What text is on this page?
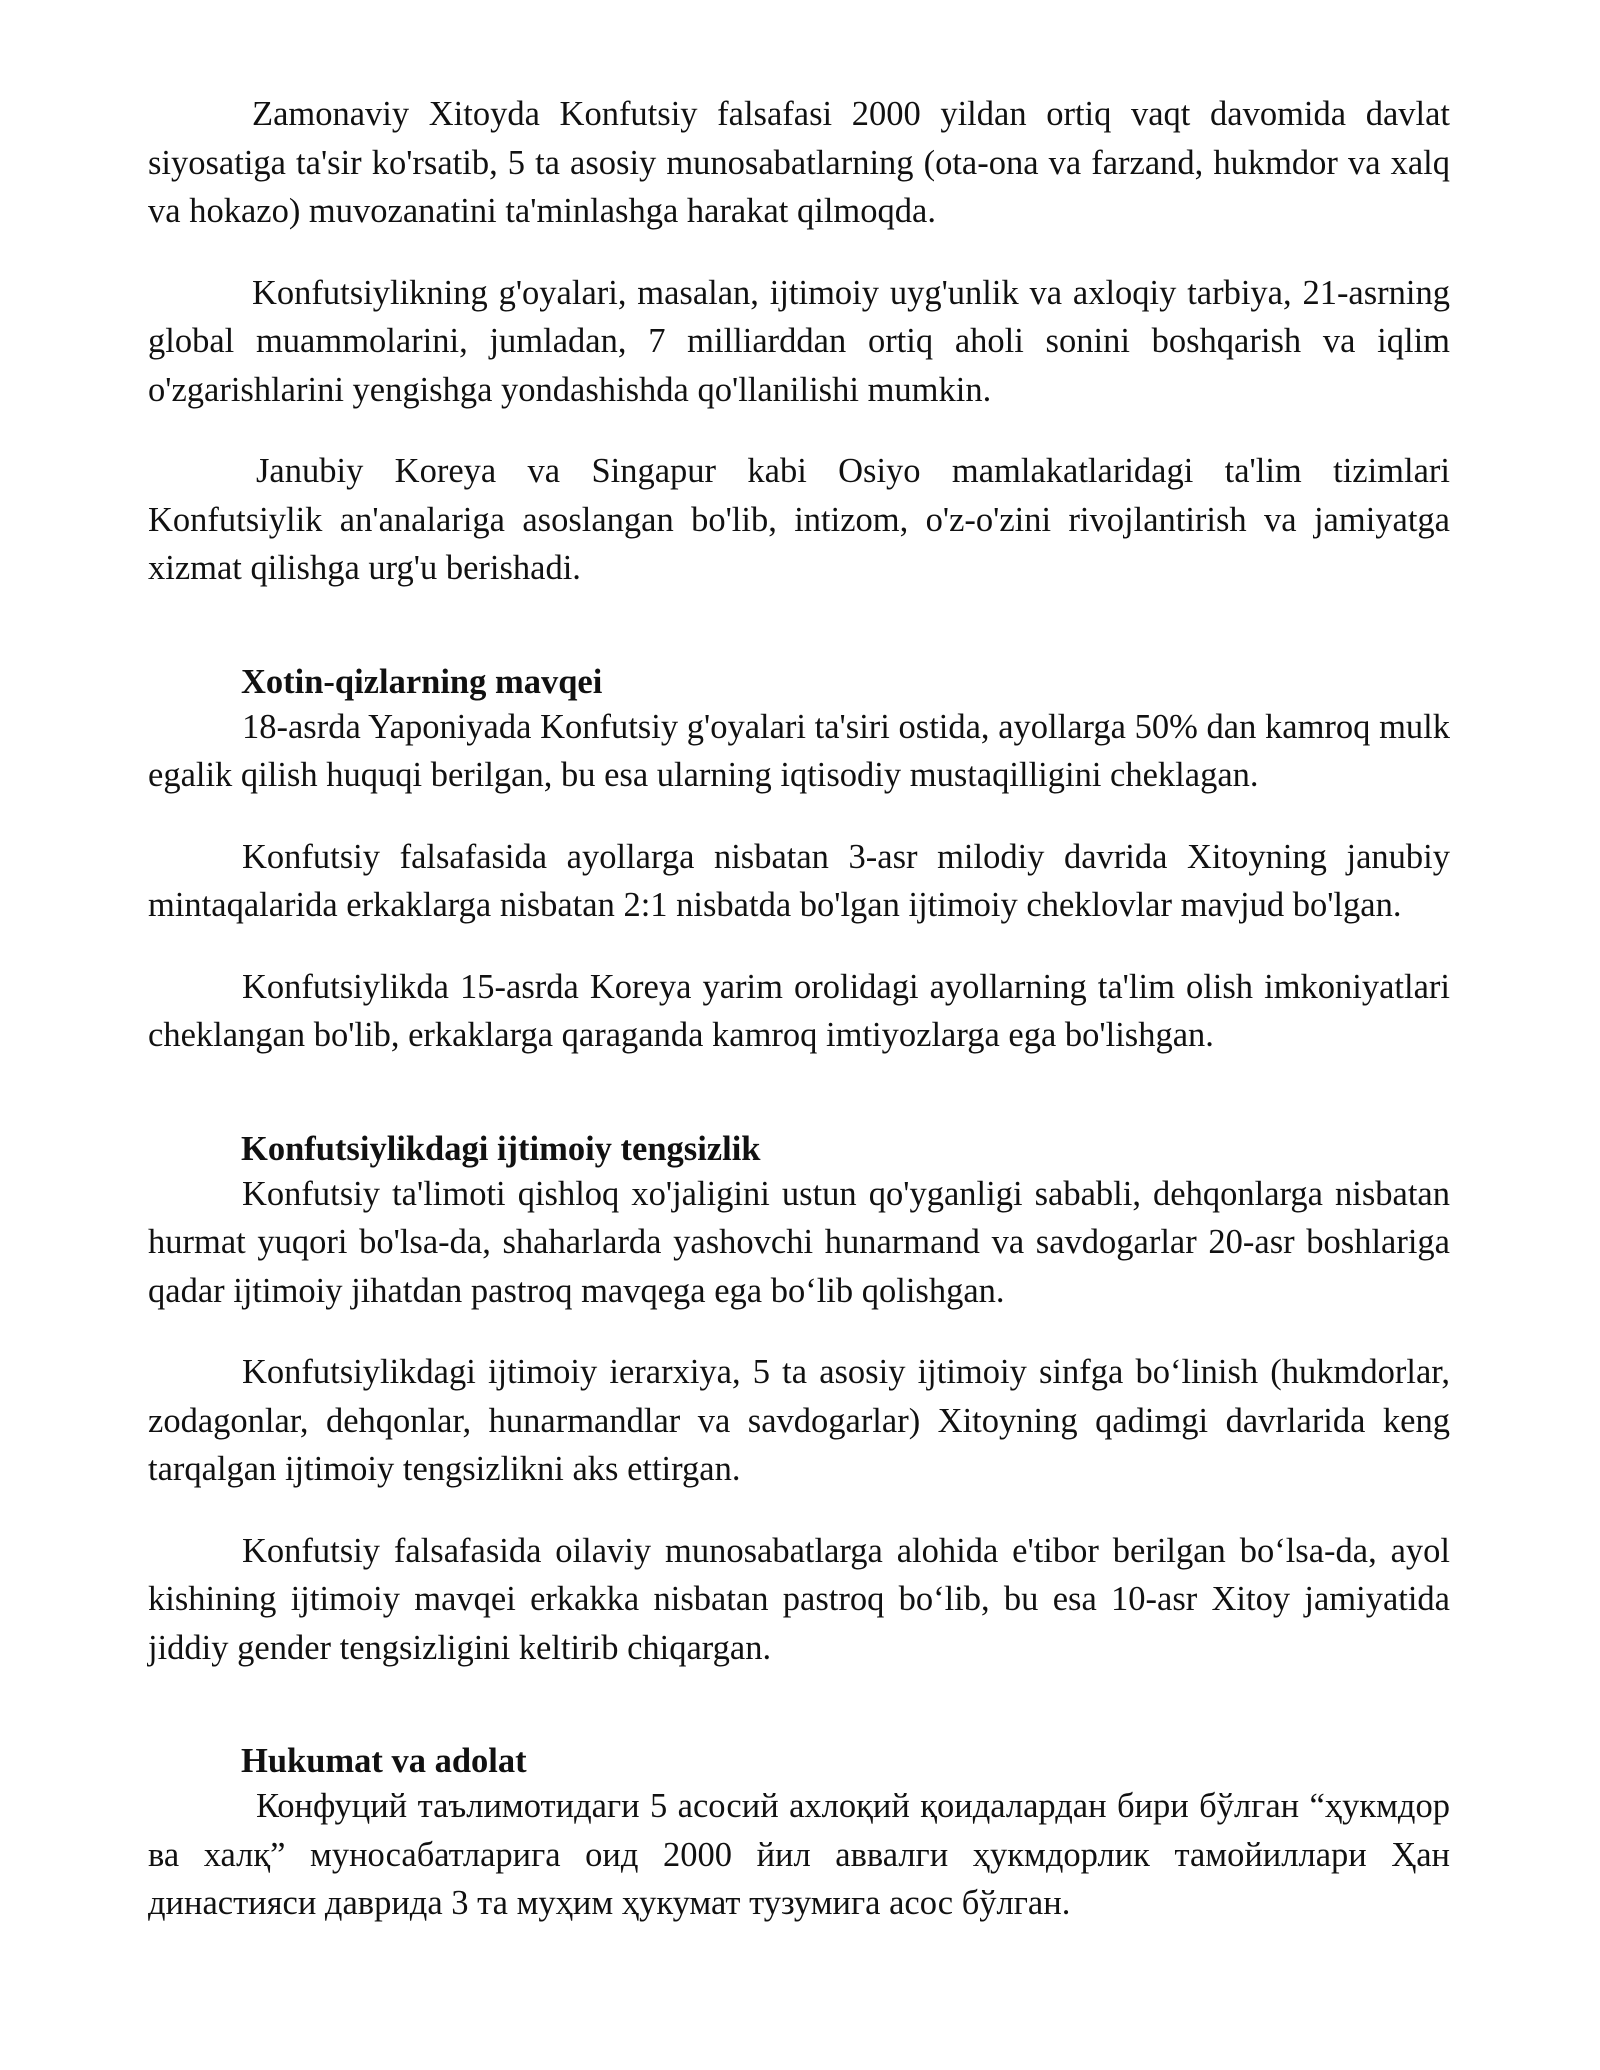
Zamonaviy Xitoyda Konfutsiy falsafasi 2000 yildan ortiq vaqt davomida davlat siyosatiga ta'sir ko'rsatib, 5 ta asosiy munosabatlarning (ota-ona va farzand, hukmdor va xalq va hokazo) muvozanatini ta'minlashga harakat qilmoqda.

Konfutsiylikning g'oyalari, masalan, ijtimoiy uyg'unlik va axloqiy tarbiya, 21-asrning global muammolarini, jumladan, 7 milliarddan ortiq aholi sonini boshqarish va iqlim o'zgarishlarini yengishga yondashishda qo'llanilishi mumkin.

Janubiy Koreya va Singapur kabi Osiyo mamlakatlaridagi ta'lim tizimlari Konfutsiylik an'analariga asoslangan bo'lib, intizom, o'z-o'zini rivojlantirish va jamiyatga xizmat qilishga urg'u berishadi.

Xotin-qizlarning mavqei

18-asrda Yaponiyada Konfutsiy g'oyalari ta'siri ostida, ayollarga 50% dan kamroq mulk egalik qilish huquqi berilgan, bu esa ularning iqtisodiy mustaqilligini cheklagan.

Konfutsiy falsafasida ayollarga nisbatan 3-asr milodiy davrida Xitoyning janubiy mintaqalarida erkaklarga nisbatan 2:1 nisbatda bo'lgan ijtimoiy cheklovlar mavjud bo'lgan.

Konfutsiylikda 15-asrda Koreya yarim orolidagi ayollarning ta'lim olish imkoniyatlari cheklangan bo'lib, erkaklarga qaraganda kamroq imtiyozlarga ega bo'lishgan.

Konfutsiylikdagi ijtimoiy tengsizlik

Konfutsiy ta'limoti qishloq xo'jaligini ustun qo'yganligi sababli, dehqonlarga nisbatan hurmat yuqori bo'lsa-da, shaharlarda yashovchi hunarmand va savdogarlar 20-asr boshlariga qadar ijtimoiy jihatdan pastroq mavqega ega bo‘lib qolishgan.

Konfutsiylikdagi ijtimoiy ierarxiya, 5 ta asosiy ijtimoiy sinfga bo‘linish (hukmdorlar, zodagonlar, dehqonlar, hunarmandlar va savdogarlar) Xitoyning qadimgi davrlarida keng tarqalgan ijtimoiy tengsizlikni aks ettirgan.

Konfutsiy falsafasida oilaviy munosabatlarga alohida e'tibor berilgan bo‘lsa-da, ayol kishining ijtimoiy mavqei erkakka nisbatan pastroq bo‘lib, bu esa 10-asr Xitoy jamiyatida jiddiy gender tengsizligini keltirib chiqargan.

Hukumat va adolat

Конфуций таълимотидаги 5 асосий ахлоқий қоидалардан бири бўлган “ҳукмдор ва халқ” муносабатларига оид 2000 йил аввалги ҳукмдорлик тамойиллари Ҳан династияси даврида 3 та муҳим ҳукумат тузумига асос бўлган.
